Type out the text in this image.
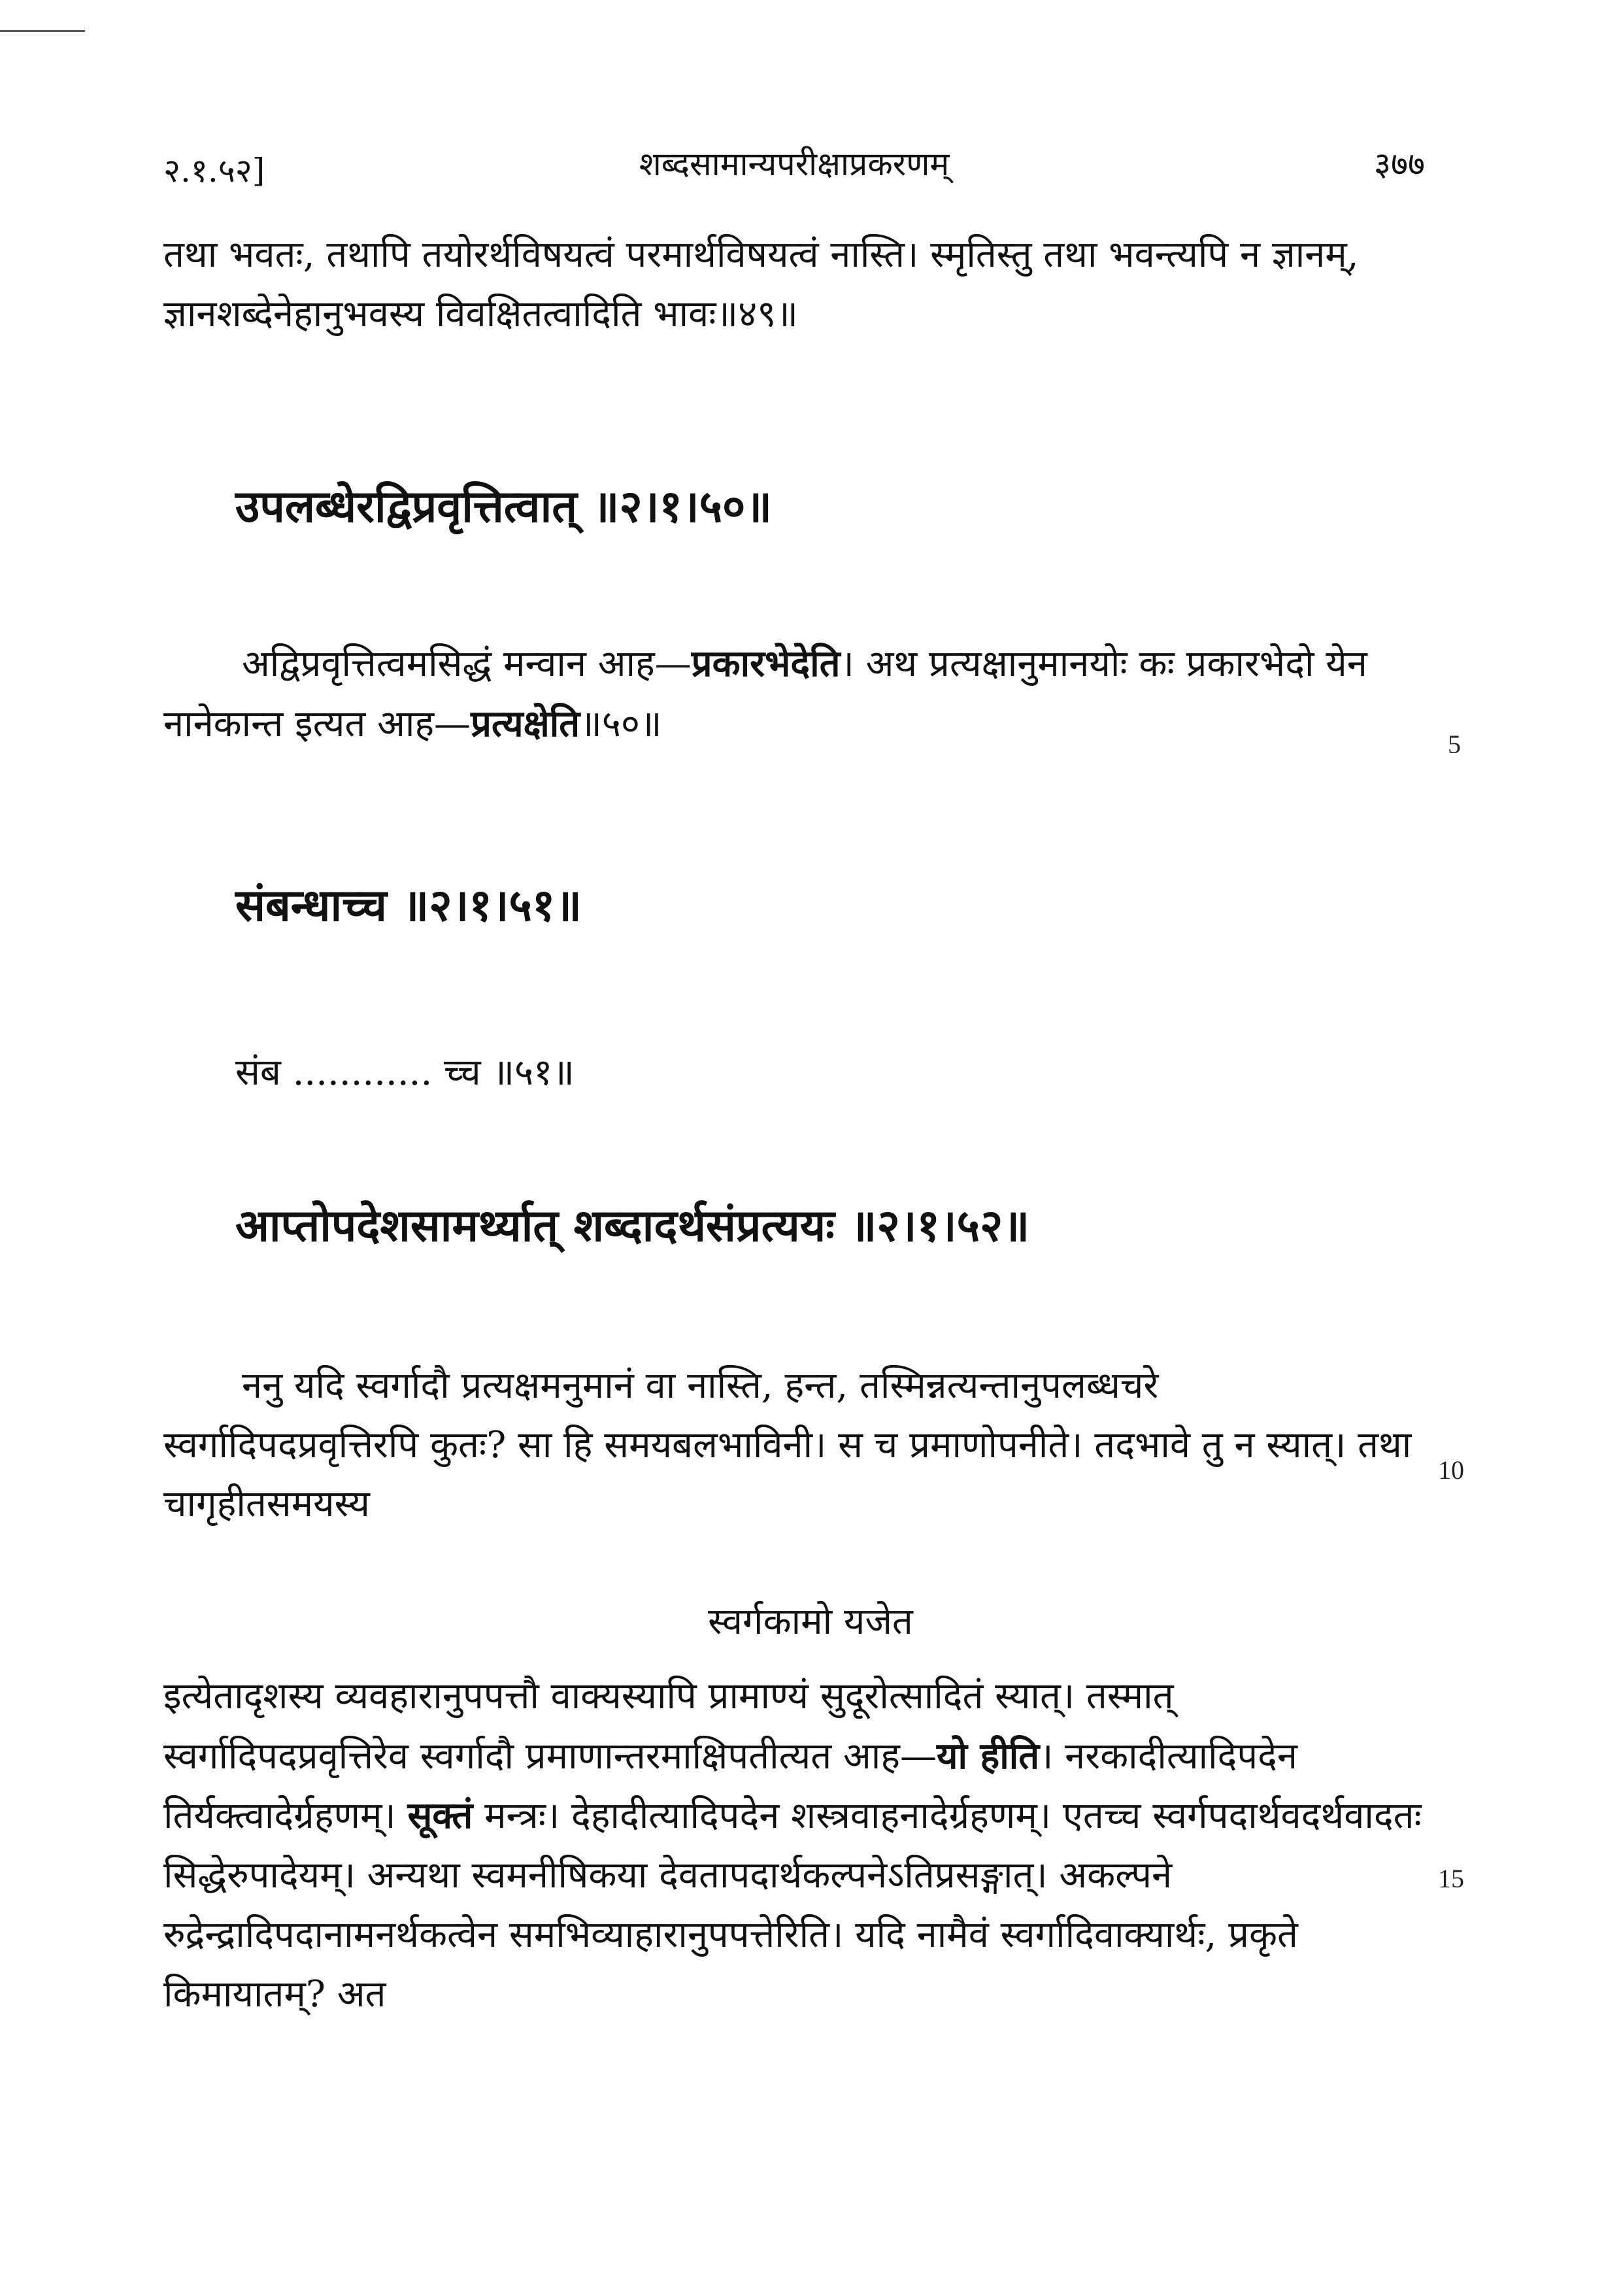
२.१.५२]	शब्दसामान्यपरीक्षाप्रकरणम्	३७७
तथा भवतः, तथापि तयोरर्थविषयत्वं परमार्थविषयत्वं नास्ति। स्मृतिस्तु तथा भवन्त्यपि न ज्ञानम्, ज्ञानशब्देनेहानुभवस्य विवक्षितत्वादिति भावः॥४९॥
उपलब्धेरद्विप्रवृत्तित्वात् ॥२।१।५०॥
अद्विप्रवृत्तित्वमसिद्धं मन्वान आह—प्रकारभेदेति। अथ प्रत्यक्षानुमानयोः कः प्रकारभेदो येन नानेकान्त इत्यत आह—प्रत्यक्षेति॥५०॥	5
संबन्धाच्च ॥२।१।५१॥
संब ............ च्च ॥५१॥
आप्तोपदेशसामर्थ्यात् शब्दादर्थसंप्रत्ययः ॥२।१।५२॥
ननु यदि स्वर्गादौ प्रत्यक्षमनुमानं वा नास्ति, हन्त, तस्मिन्नत्यन्तानुपलब्धचरे स्वर्गादिपदप्रवृत्तिरपि कुतः? सा हि समयबलभाविनी। स च प्रमाणोपनीते। तदभावे तु न स्यात्। तथा चागृहीतसमयस्य
10
स्वर्गकामो यजेत
इत्येतादृशस्य व्यवहारानुपपत्तौ वाक्यस्यापि प्रामाण्यं सुदूरोत्सादितं स्यात्। तस्मात् स्वर्गादिपदप्रवृत्तिरेव स्वर्गादौ प्रमाणान्तरमाक्षिपतीत्यत आह—यो हीति। नरकादीत्यादिपदेन तिर्यक्त्वादेर्ग्रहणम्। सूक्तं मन्त्रः। देहादीत्यादिपदेन शस्त्रवाहनादेर्ग्रहणम्। एतच्च स्वर्गपदार्थवदर्थवादतः सिद्धेरुपादेयम्। अन्यथा स्वमनीषिकया देवतापदार्थकल्पनेऽतिप्रसङ्गात्। अकल्पने रुद्रेन्द्रादिपदानामनर्थकत्वेन समभिव्याहारानुपपत्तेरिति। यदि नामैवं स्वर्गादिवाक्यार्थः, प्रकृते किमायातम्? अत
15
